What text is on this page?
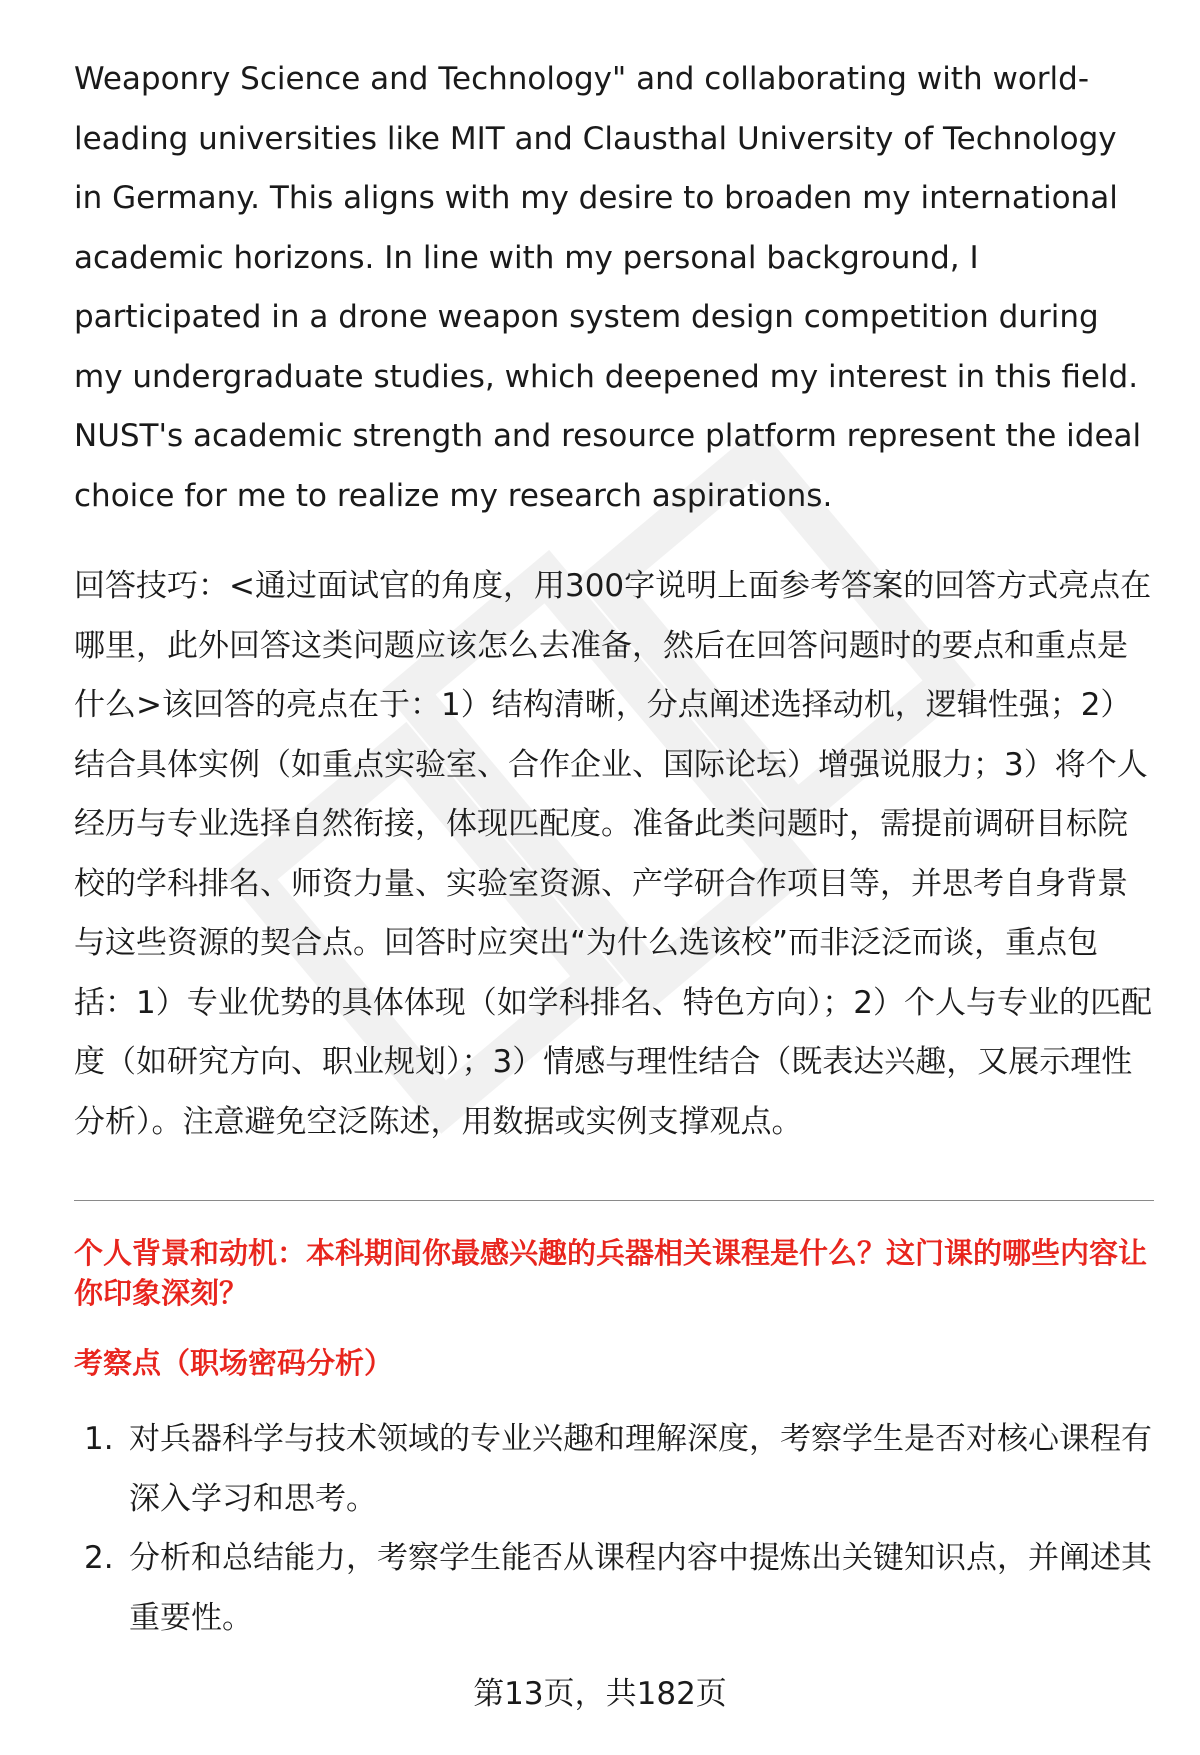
Weaponry Science and Technology" and collaborating with world-leading universities like MIT and Clausthal University of Technology in Germany. This aligns with my desire to broaden my international academic horizons. In line with my personal background, I participated in a drone weapon system design competition during my undergraduate studies, which deepened my interest in this field. NUST's academic strength and resource platform represent the ideal choice for me to realize my research aspirations.

回答技巧：<通过面试官的角度，用300字说明上面参考答案的回答方式亮点在哪里，此外回答这类问题应该怎么去准备，然后在回答问题时的要点和重点是什么>该回答的亮点在于：1）结构清晰，分点阐述选择动机，逻辑性强；2）结合具体实例（如重点实验室、合作企业、国际论坛）增强说服力；3）将个人经历与专业选择自然衔接，体现匹配度。准备此类问题时，需提前调研目标院校的学科排名、师资力量、实验室资源、产学研合作项目等，并思考自身背景与这些资源的契合点。回答时应突出“为什么选该校”而非泛泛而谈，重点包括：1）专业优势的具体体现（如学科排名、特色方向）；2）个人与专业的匹配度（如研究方向、职业规划）；3）情感与理性结合（既表达兴趣，又展示理性分析）。注意避免空泛陈述，用数据或实例支撑观点。

个人背景和动机：本科期间你最感兴趣的兵器相关课程是什么？这门课的哪些内容让你印象深刻？
考察点（职场密码分析）
1. 对兵器科学与技术领域的专业兴趣和理解深度，考察学生是否对核心课程有深入学习和思考。
2. 分析和总结能力，考察学生能否从课程内容中提炼出关键知识点，并阐述其重要性。
第13页，共182页
